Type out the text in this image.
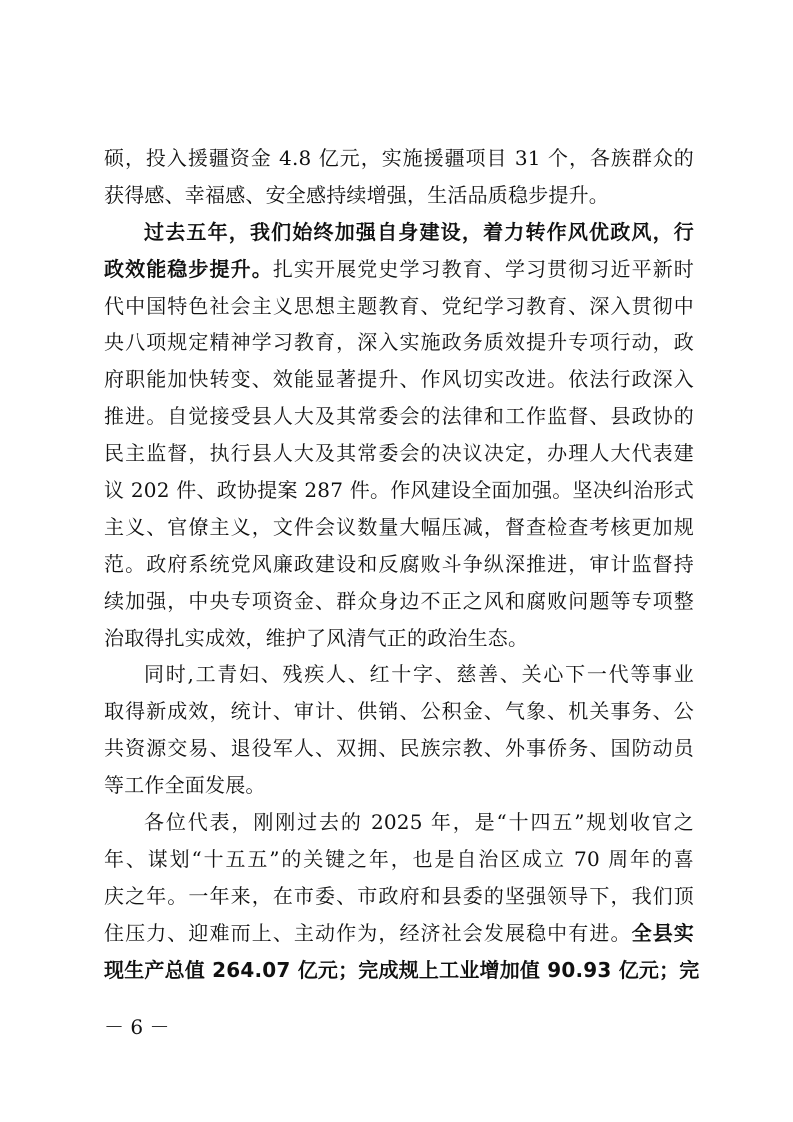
硕，投入援疆资金 4.8 亿元，实施援疆项目 31 个，各族群众的
获得感、幸福感、安全感持续增强，生活品质稳步提升。
过去五年，我们始终加强自身建设，着力转作风优政风，行
政效能稳步提升。扎实开展党史学习教育、学习贯彻习近平新时
代中国特色社会主义思想主题教育、党纪学习教育、深入贯彻中
央八项规定精神学习教育，深入实施政务质效提升专项行动，政
府职能加快转变、效能显著提升、作风切实改进。依法行政深入
推进。自觉接受县人大及其常委会的法律和工作监督、县政协的
民主监督，执行县人大及其常委会的决议决定，办理人大代表建
议 202 件、政协提案 287 件。作风建设全面加强。坚决纠治形式
主义、官僚主义，文件会议数量大幅压减，督查检查考核更加规
范。政府系统党风廉政建设和反腐败斗争纵深推进，审计监督持
续加强，中央专项资金、群众身边不正之风和腐败问题等专项整
治取得扎实成效，维护了风清气正的政治生态。
同时,工青妇、残疾人、红十字、慈善、关心下一代等事业
取得新成效，统计、审计、供销、公积金、气象、机关事务、公
共资源交易、退役军人、双拥、民族宗教、外事侨务、国防动员
等工作全面发展。
各位代表，刚刚过去的 2025 年，是“十四五”规划收官之
年、谋划“十五五”的关键之年，也是自治区成立 70 周年的喜
庆之年。一年来，在市委、市政府和县委的坚强领导下，我们顶
住压力、迎难而上、主动作为，经济社会发展稳中有进。全县实
现生产总值 264.07 亿元；完成规上工业增加值 90.93 亿元；完
－ 6 －
